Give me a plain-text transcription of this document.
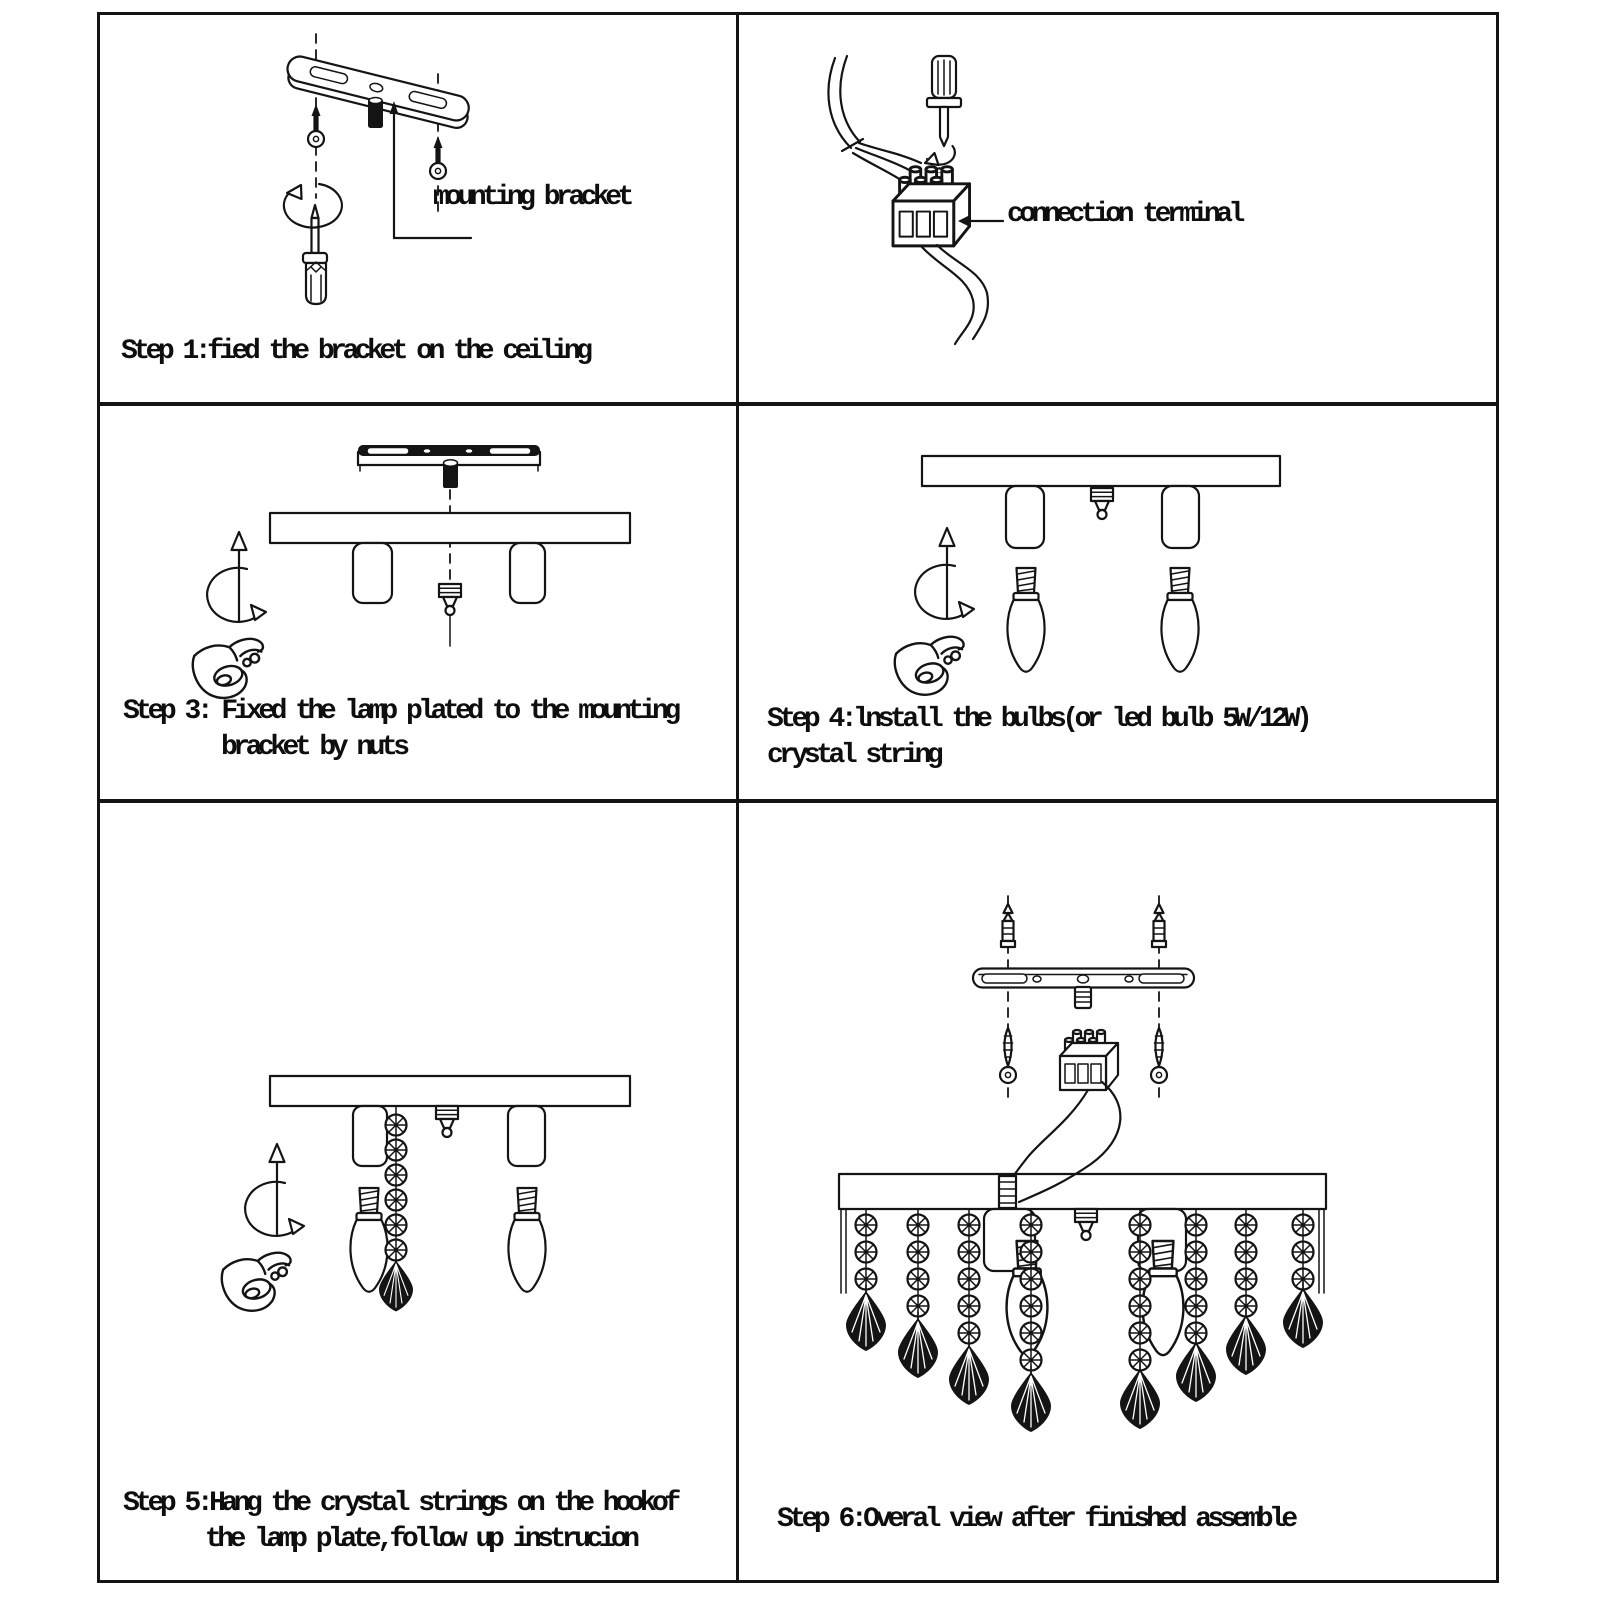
mounting bracket
Step 1:fied the bracket on the ceiling
connection terminal
Step 3: Fixed the lamp plated to the mounting
bracket by nuts
Step 4:lnstall the bulbs(or led bulb 5W/12W)
crystal string
Step 5:Hang the crystal strings on the hookof
the lamp plate,follow up instrucion
Step 6:Overal view after finished assemble
